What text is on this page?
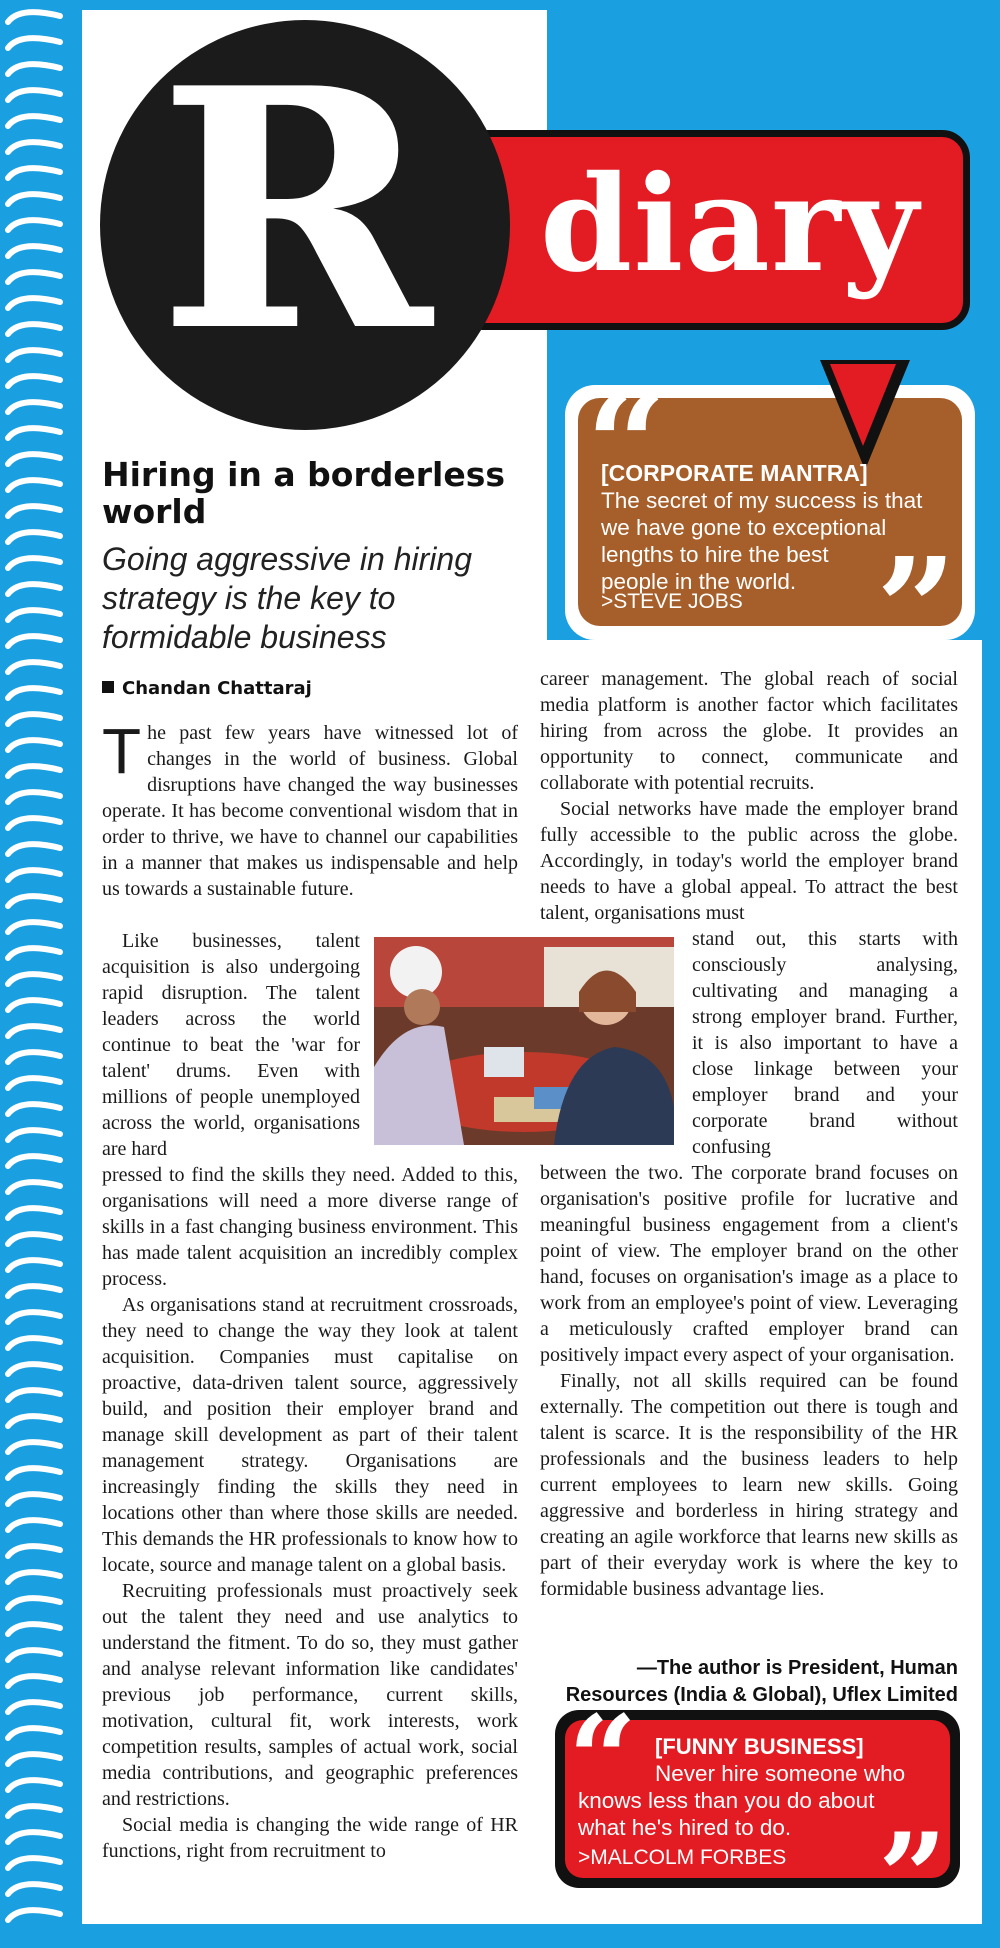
diary
R
“
”
[CORPORATE MANTRA]
The secret of my success is that
we have gone to exceptional
lengths to hire the best
people in the world.
>STEVE JOBS
Hiring in a borderless world
Going aggressive in hiring strategy is the key to formidable business
Chandan Chattaraj

The past few years have witnessed lot of changes in the world of business. Global disruptions have changed the way businesses operate. It has become conventional wisdom that in order to thrive, we have to channel our capabilities in a manner that makes us indispensable and help us towards a sustainable future.

Like businesses, talent acquisition is also undergoing rapid disruption. The talent leaders across the world continue to beat the 'war for talent' drums. Even with millions of people unemployed across the world, organisations are hard

pressed to find the skills they need. Added to this, organisations will need a more diverse range of skills in a fast changing business environment. This has made talent acquisition an incredibly complex process.

As organisations stand at recruitment crossroads, they need to change the way they look at talent acquisition. Companies must capitalise on proactive, data-driven talent source, aggressively build, and position their employer brand and manage skill development as part of their talent management strategy. Organisations are increasingly finding the skills they need in locations other than where those skills are needed. This demands the HR professionals to know how to locate, source and manage talent on a global basis.

Recruiting professionals must proactively seek out the talent they need and use analytics to understand the fitment. To do so, they must gather and analyse relevant information like candidates' previous job performance, current skills, motivation, cultural fit, work interests, work competition results, samples of actual work, social media contributions, and geographic preferences and restrictions.

Social media is changing the wide range of HR functions, right from recruitment to

career management. The global reach of social media platform is another factor which facilitates hiring from across the globe. It provides an opportunity to connect, communicate and collaborate with potential recruits.

Social networks have made the employer brand fully accessible to the public across the globe. Accordingly, in today's world the employer brand needs to have a global appeal. To attract the best talent, organisations must

stand out, this starts with consciously analysing, cultivating and managing a strong employer brand. Further, it is also important to have a close linkage between your employer brand and your corporate brand without confusing

between the two. The corporate brand focuses on organisation's positive profile for lucrative and meaningful business engagement from a client's point of view. The employer brand on the other hand, focuses on organisation's image as a place to work from an employee's point of view. Leveraging a meticulously crafted employer brand can positively impact every aspect of your organisation.

Finally, not all skills required can be found externally. The competition out there is tough and talent is scarce. It is the responsibility of the HR professionals and the business leaders to help current employees to learn new skills. Going aggressive and borderless in hiring strategy and creating an agile workforce that learns new skills as part of their everyday work is where the key to formidable business advantage lies.

—The author is President, Human
Resources (India & Global), Uflex Limited
“
”
[FUNNY BUSINESS]
Never hire someone who
knows less than you do about
what he's hired to do.
>MALCOLM FORBES
